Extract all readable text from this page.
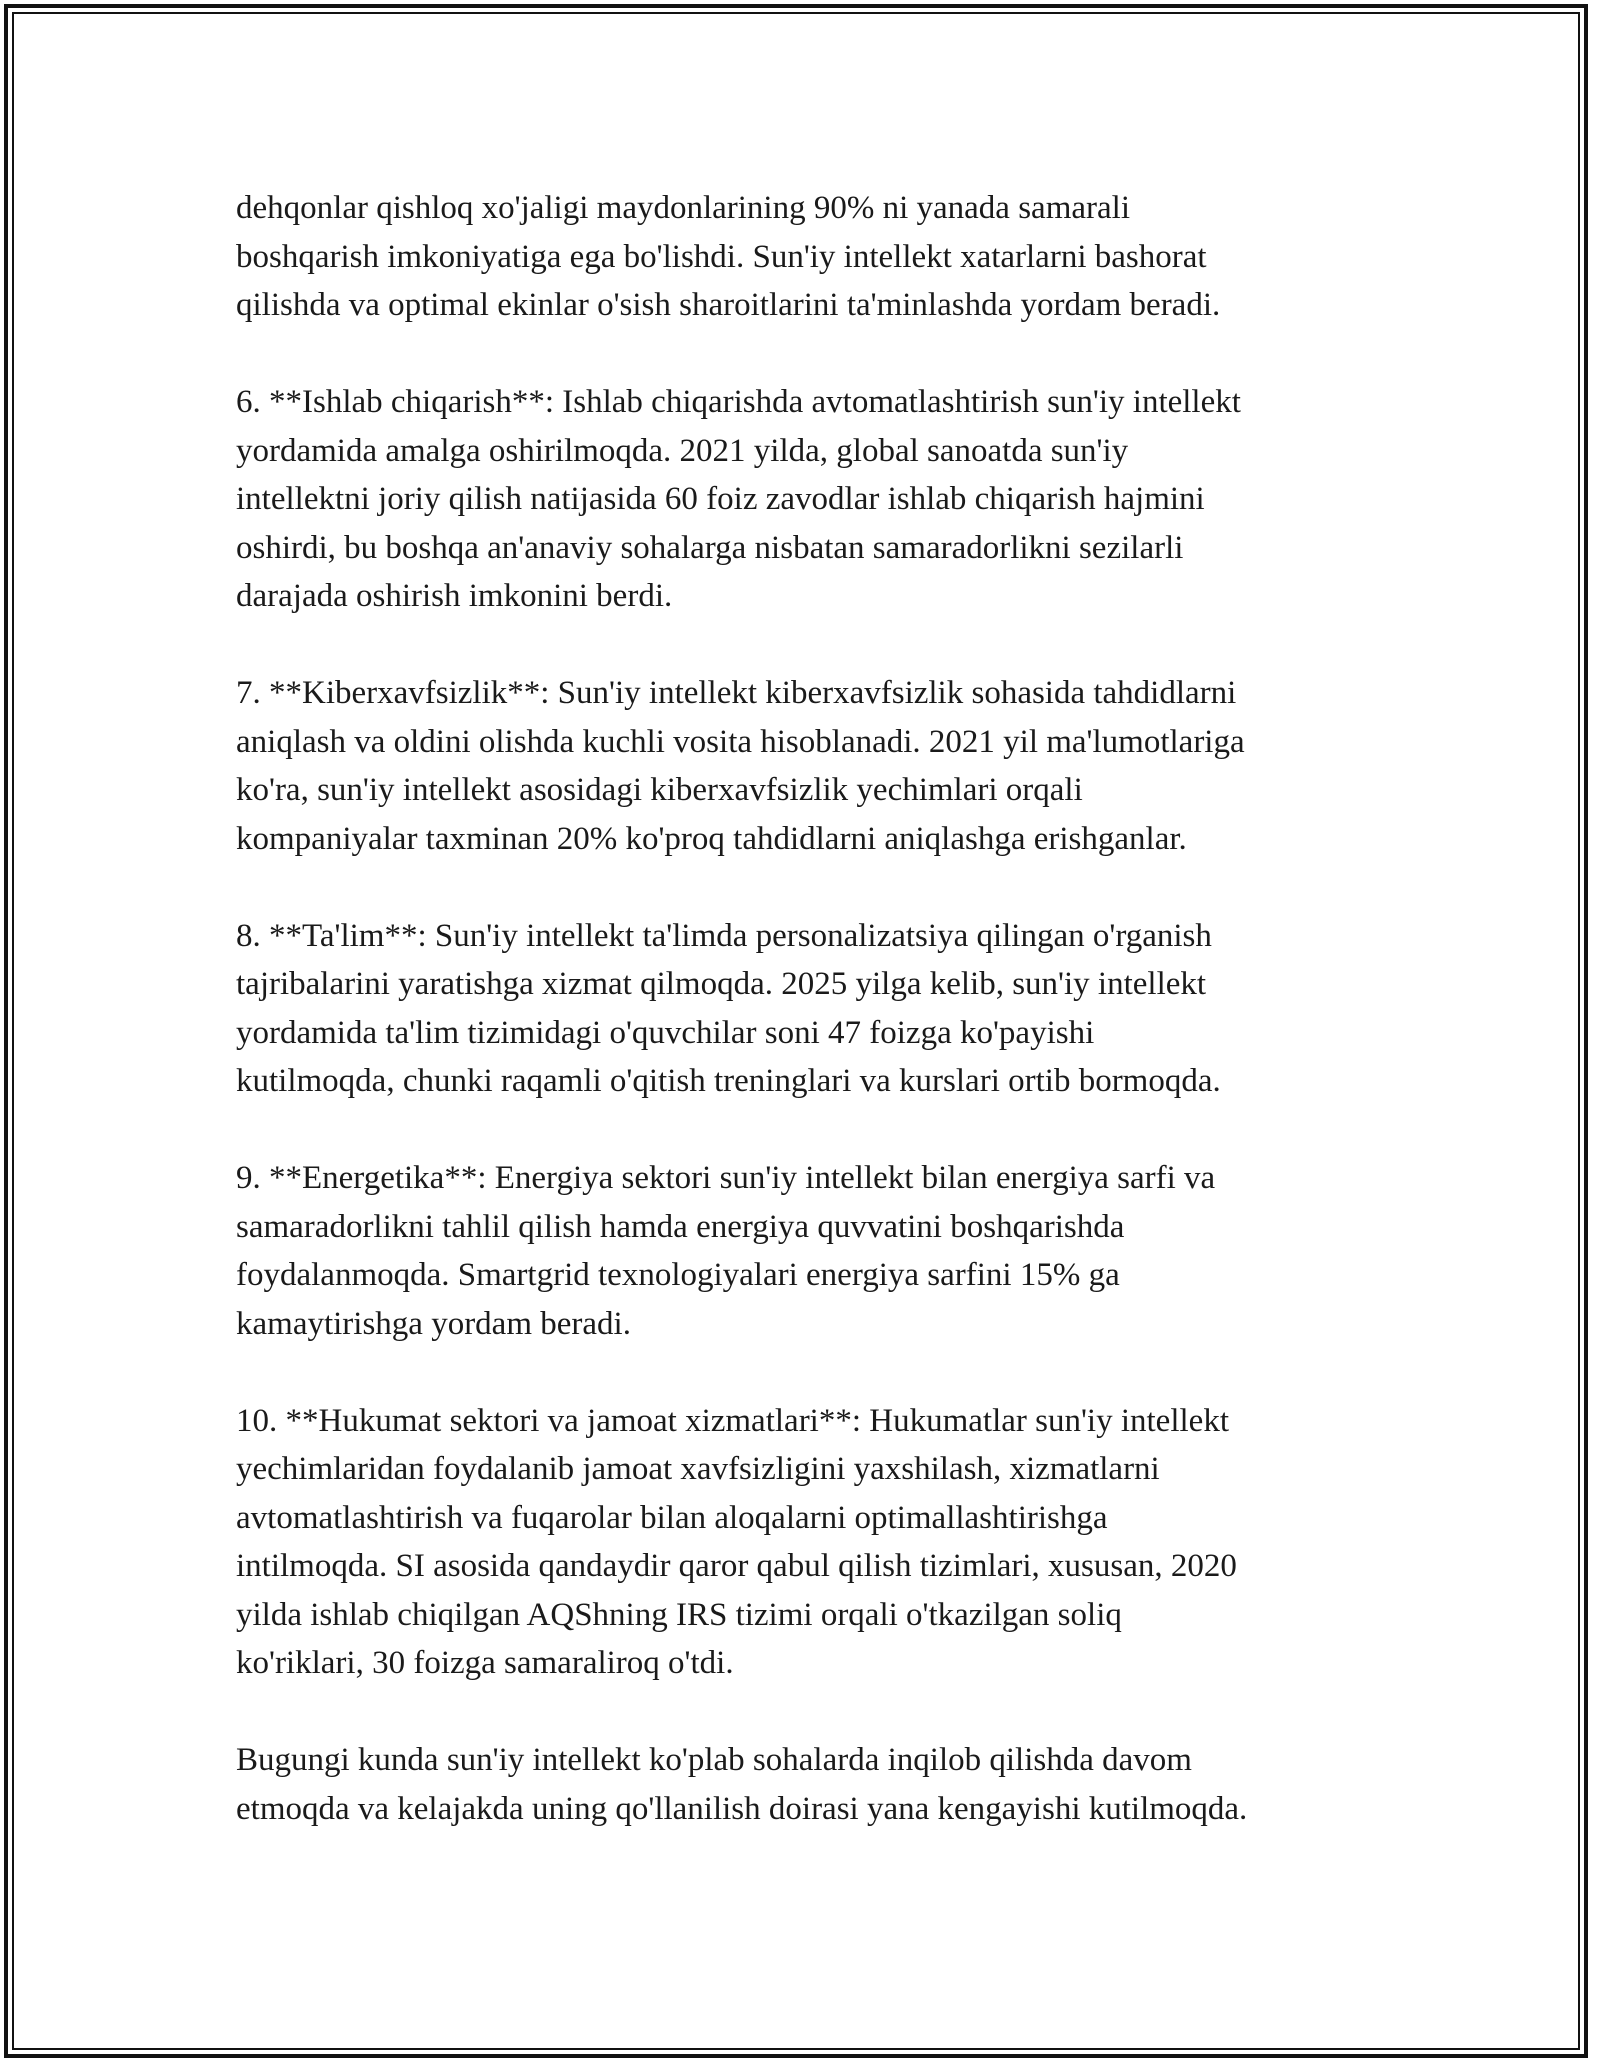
dehqonlar qishloq xo'jaligi maydonlarining 90% ni yanada samarali
boshqarish imkoniyatiga ega bo'lishdi. Sun'iy intellekt xatarlarni bashorat
qilishda va optimal ekinlar o'sish sharoitlarini ta'minlashda yordam beradi.

6. **Ishlab chiqarish**: Ishlab chiqarishda avtomatlashtirish sun'iy intellekt
yordamida amalga oshirilmoqda. 2021 yilda, global sanoatda sun'iy
intellektni joriy qilish natijasida 60 foiz zavodlar ishlab chiqarish hajmini
oshirdi, bu boshqa an'anaviy sohalarga nisbatan samaradorlikni sezilarli
darajada oshirish imkonini berdi.

7. **Kiberxavfsizlik**: Sun'iy intellekt kiberxavfsizlik sohasida tahdidlarni
aniqlash va oldini olishda kuchli vosita hisoblanadi. 2021 yil ma'lumotlariga
ko'ra, sun'iy intellekt asosidagi kiberxavfsizlik yechimlari orqali
kompaniyalar taxminan 20% ko'proq tahdidlarni aniqlashga erishganlar.

8. **Ta'lim**: Sun'iy intellekt ta'limda personalizatsiya qilingan o'rganish
tajribalarini yaratishga xizmat qilmoqda. 2025 yilga kelib, sun'iy intellekt
yordamida ta'lim tizimidagi o'quvchilar soni 47 foizga ko'payishi
kutilmoqda, chunki raqamli o'qitish treninglari va kurslari ortib bormoqda.

9. **Energetika**: Energiya sektori sun'iy intellekt bilan energiya sarfi va
samaradorlikni tahlil qilish hamda energiya quvvatini boshqarishda
foydalanmoqda. Smartgrid texnologiyalari energiya sarfini 15% ga
kamaytirishga yordam beradi.

10. **Hukumat sektori va jamoat xizmatlari**: Hukumatlar sun'iy intellekt
yechimlaridan foydalanib jamoat xavfsizligini yaxshilash, xizmatlarni
avtomatlashtirish va fuqarolar bilan aloqalarni optimallashtirishga
intilmoqda. SI asosida qandaydir qaror qabul qilish tizimlari, xususan, 2020
yilda ishlab chiqilgan AQShning IRS tizimi orqali o'tkazilgan soliq
ko'riklari, 30 foizga samaraliroq o'tdi.

Bugungi kunda sun'iy intellekt ko'plab sohalarda inqilob qilishda davom
etmoqda va kelajakda uning qo'llanilish doirasi yana kengayishi kutilmoqda.
